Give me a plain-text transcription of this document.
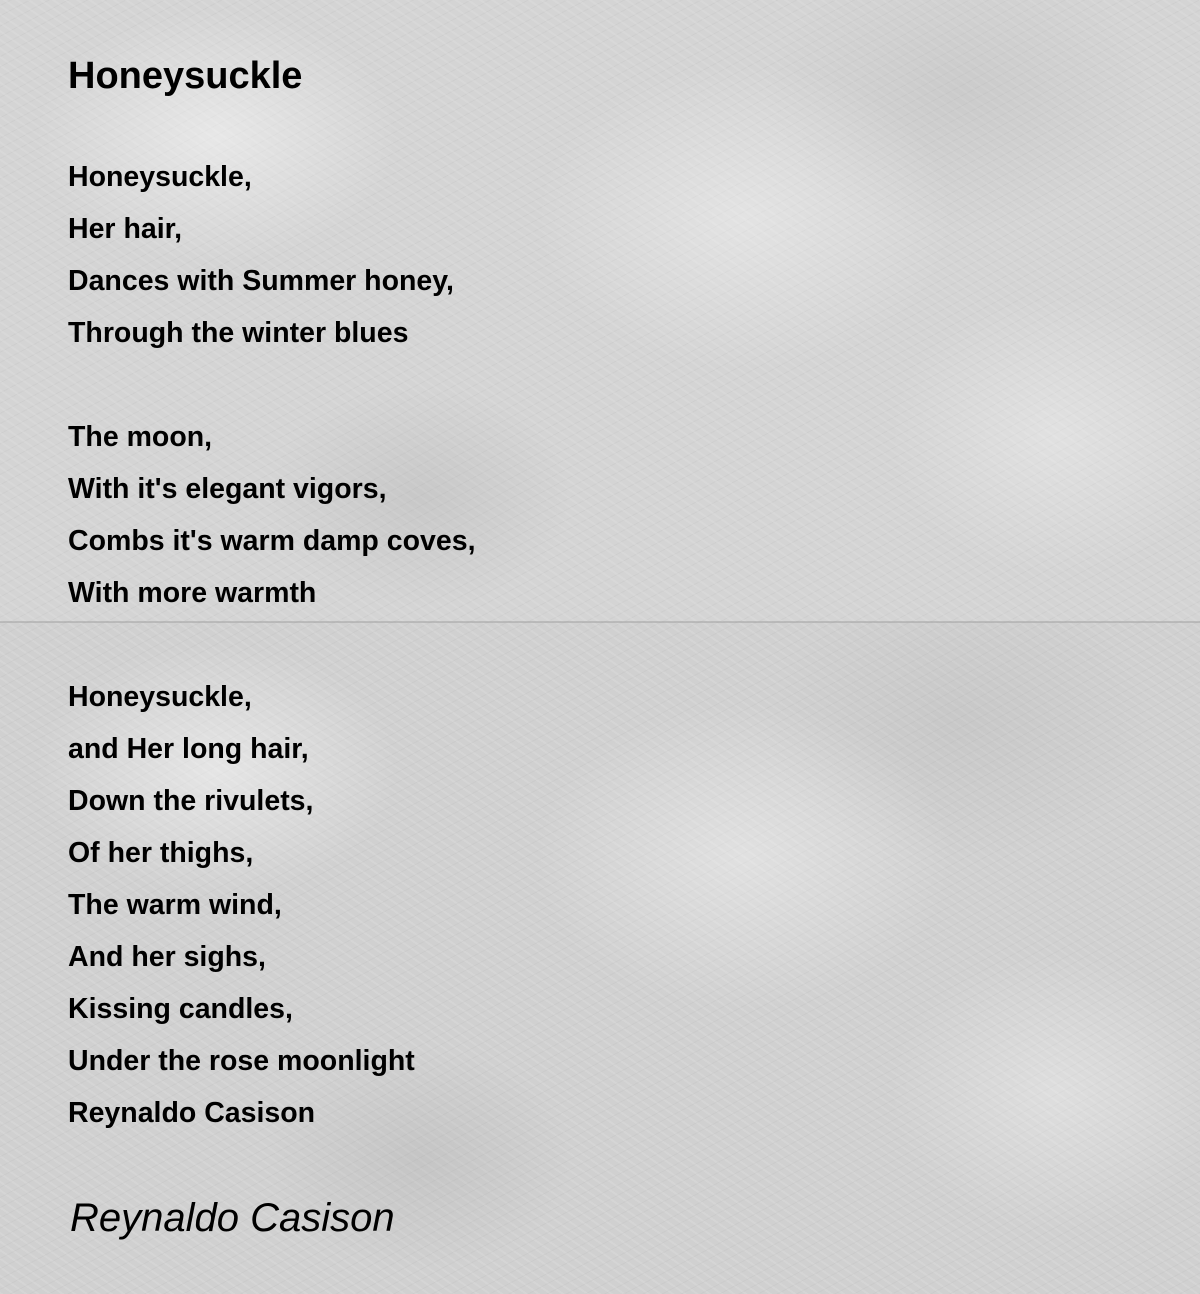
Honeysuckle
Honeysuckle,
Her hair,
Dances with Summer honey,
Through the winter blues
The moon,
With it's elegant vigors,
Combs it's warm damp coves,
With more warmth
Honeysuckle,
and Her long hair,
Down the rivulets,
Of her thighs,
The warm wind,
And her sighs,
Kissing candles,
Under the rose moonlight
Reynaldo Casison
Reynaldo Casison
